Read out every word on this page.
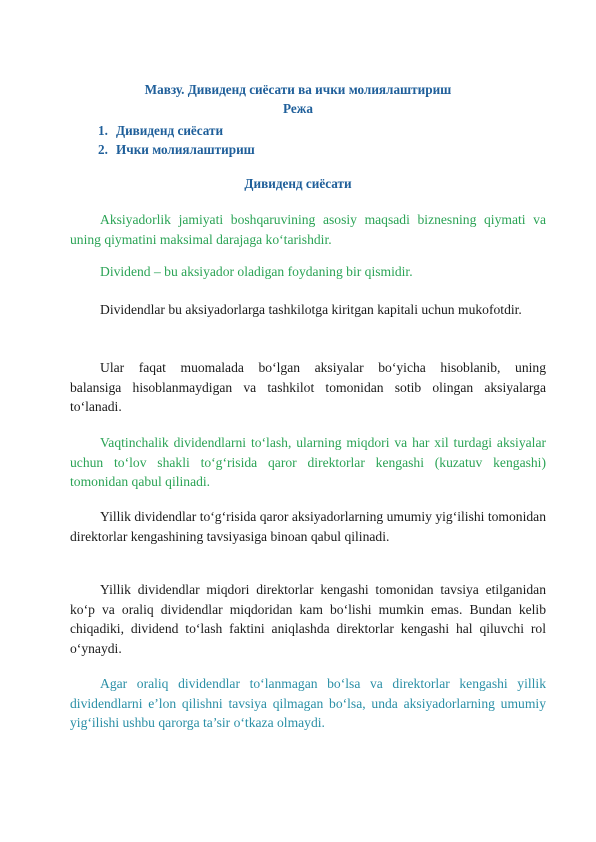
Мавзу. Дивиденд сиёсати ва ички молиялаштириш
Режа
1. Дивиденд сиёсати
2. Ички молиялаштириш
Дивиденд сиёсати

Aksiyadorlik jamiyati boshqaruvining asosiy maqsadi biznesning qiymati va uning qiymatini maksimal darajaga ko‘tarishdir.

Dividend – bu aksiyador oladigan foydaning bir qismidir.

Dividendlar bu aksiyadorlarga tashkilotga kiritgan kapitali uchun mukofotdir.

Ular faqat muomalada bo‘lgan aksiyalar bo‘yicha hisoblanib, uning balansiga hisoblanmaydigan va tashkilot tomonidan sotib olingan aksiyalarga to‘lanadi.

Vaqtinchalik dividendlarni to‘lash, ularning miqdori va har xil turdagi aksiyalar uchun to‘lov shakli to‘g‘risida qaror direktorlar kengashi (kuzatuv kengashi) tomonidan qabul qilinadi.

Yillik dividendlar to‘g‘risida qaror aksiyadorlarning umumiy yig‘ilishi tomonidan direktorlar kengashining tavsiyasiga binoan qabul qilinadi.

Yillik dividendlar miqdori direktorlar kengashi tomonidan tavsiya etilganidan ko‘p va oraliq dividendlar miqdoridan kam bo‘lishi mumkin emas. Bundan kelib chiqadiki, dividend to‘lash faktini aniqlashda direktorlar kengashi hal qiluvchi rol o‘ynaydi.

Agar oraliq dividendlar to‘lanmagan bo‘lsa va direktorlar kengashi yillik dividendlarni e’lon qilishni tavsiya qilmagan bo‘lsa, unda aksiyadorlarning umumiy yig‘ilishi ushbu qarorga ta’sir o‘tkaza olmaydi.
